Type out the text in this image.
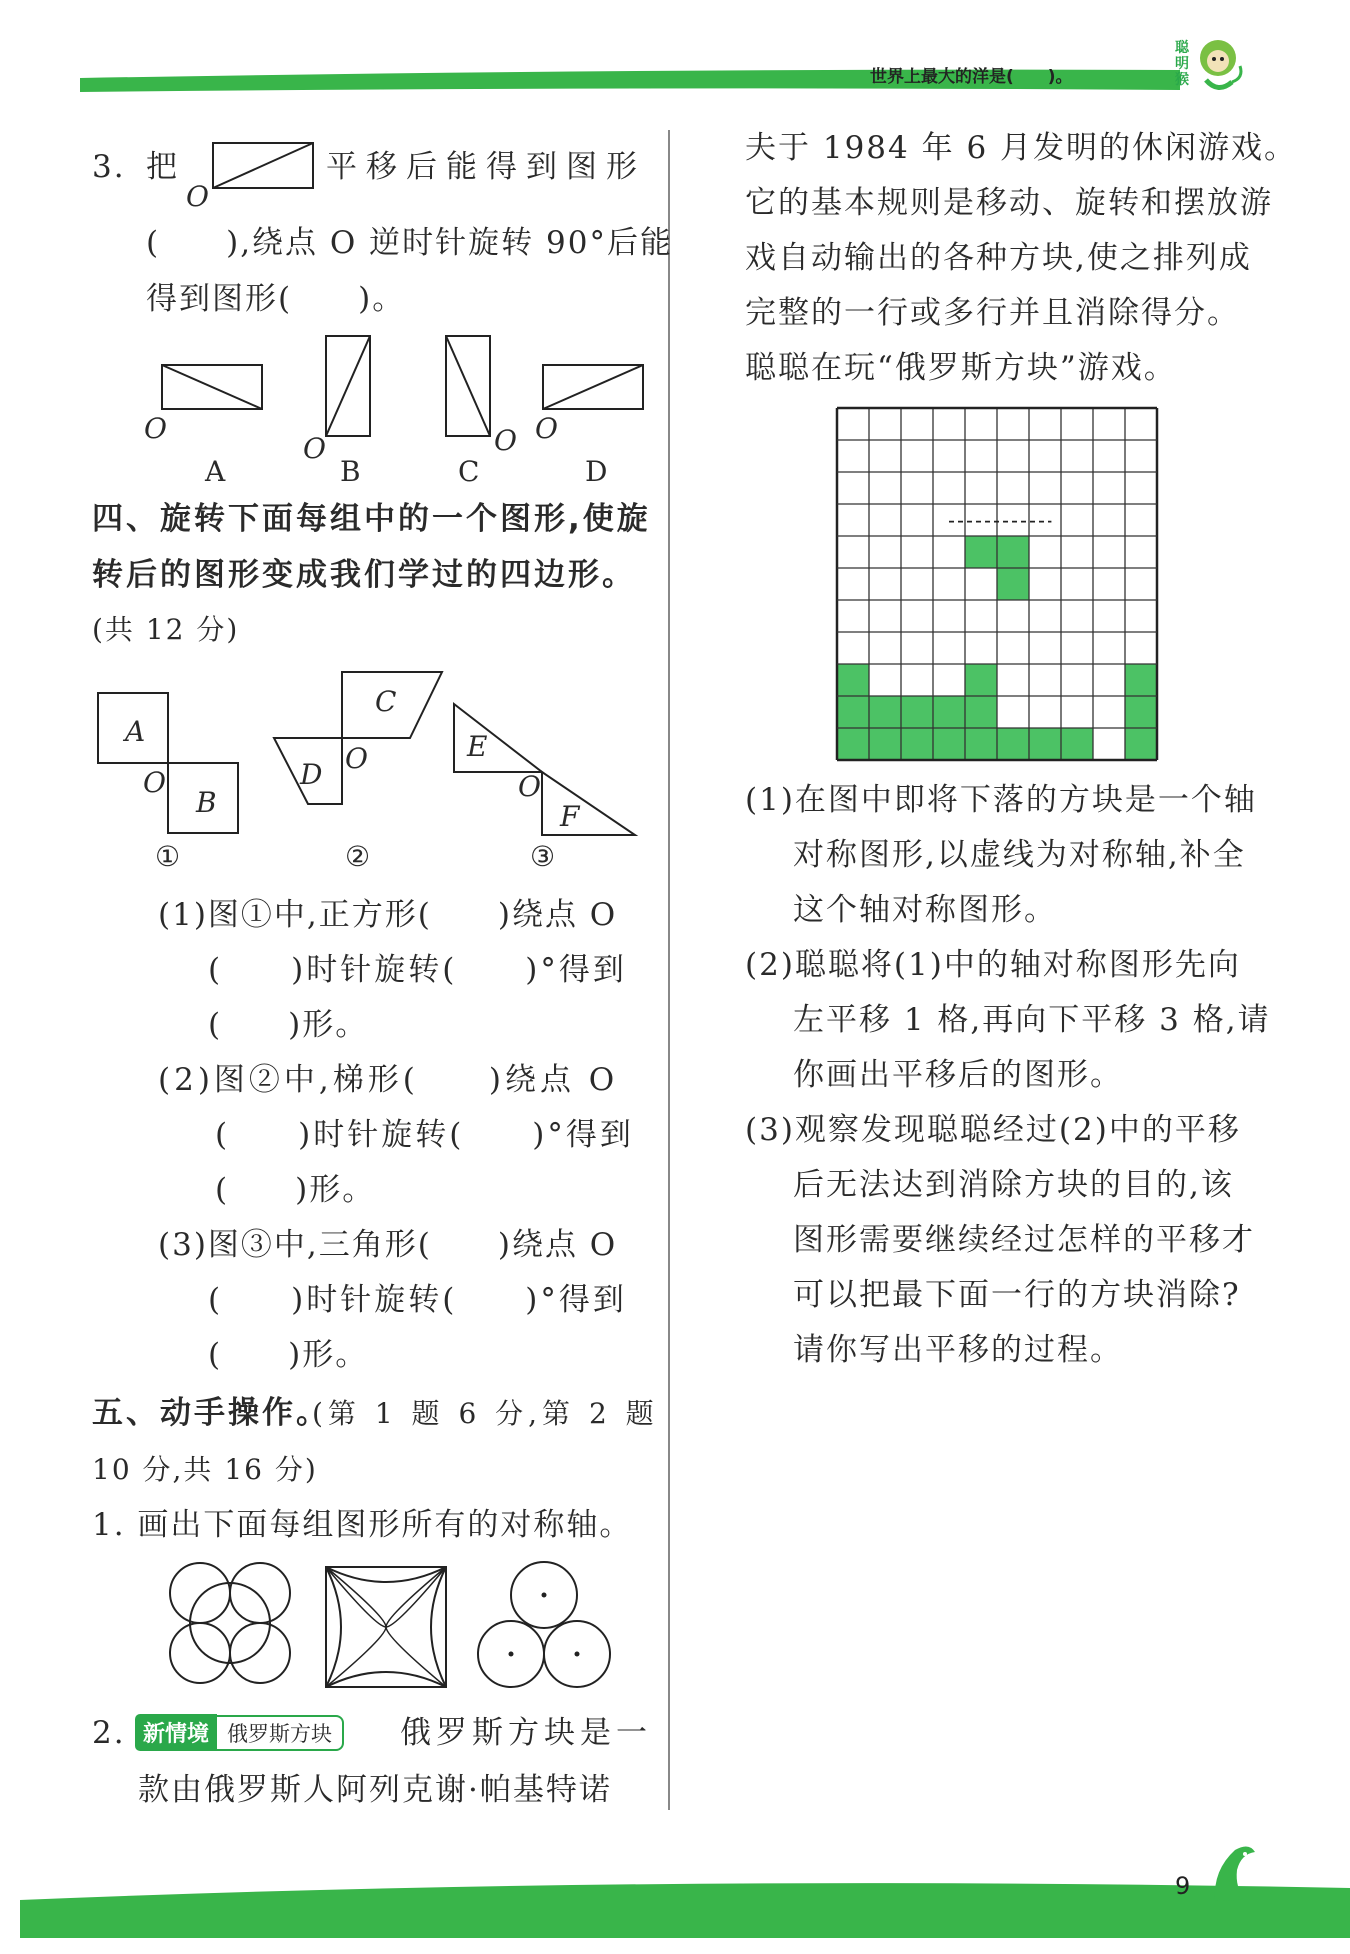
世界上最大的洋是(　　)。
聪明猴
3. 把
O
平移后能得到图形
(　　),绕点 O 逆时针旋转 90°后能
得到图形(　　)。
O
A
O
B
O
C
O
D
四、旋转下面每组中的一个图形,使旋
转后的图形变成我们学过的四边形。
(共 12 分)
A
B
O
①
C
D O
②
E
F
O
③
(1)图①中,正方形(　　)绕点 O
(　　)时针旋转(　　)°得到
(　　)形。
(2)图②中,梯形(　　)绕点 O
(　　)时针旋转(　　)°得到
(　　)形。
(3)图③中,三角形(　　)绕点 O
(　　)时针旋转(　　)°得到
(　　)形。
五、动手操作。
(第 1 题 6 分,第 2 题
10 分,共 16 分)
1. 画出下面每组图形所有的对称轴。
2. 新情境 俄罗斯方块	俄罗斯方块是一
款由俄罗斯人阿列克谢·帕基特诺
夫于 1984 年 6 月发明的休闲游戏。
它的基本规则是移动、旋转和摆放游
戏自动输出的各种方块,使之排列成
完整的一行或多行并且消除得分。
聪聪在玩“俄罗斯方块”游戏。
(1)在图中即将下落的方块是一个轴
对称图形,以虚线为对称轴,补全
这个轴对称图形。
(2)聪聪将(1)中的轴对称图形先向
左平移 1 格,再向下平移 3 格,请
你画出平移后的图形。
(3)观察发现聪聪经过(2)中的平移
后无法达到消除方块的目的,该
图形需要继续经过怎样的平移才
可以把最下面一行的方块消除?
请你写出平移的过程。
9
